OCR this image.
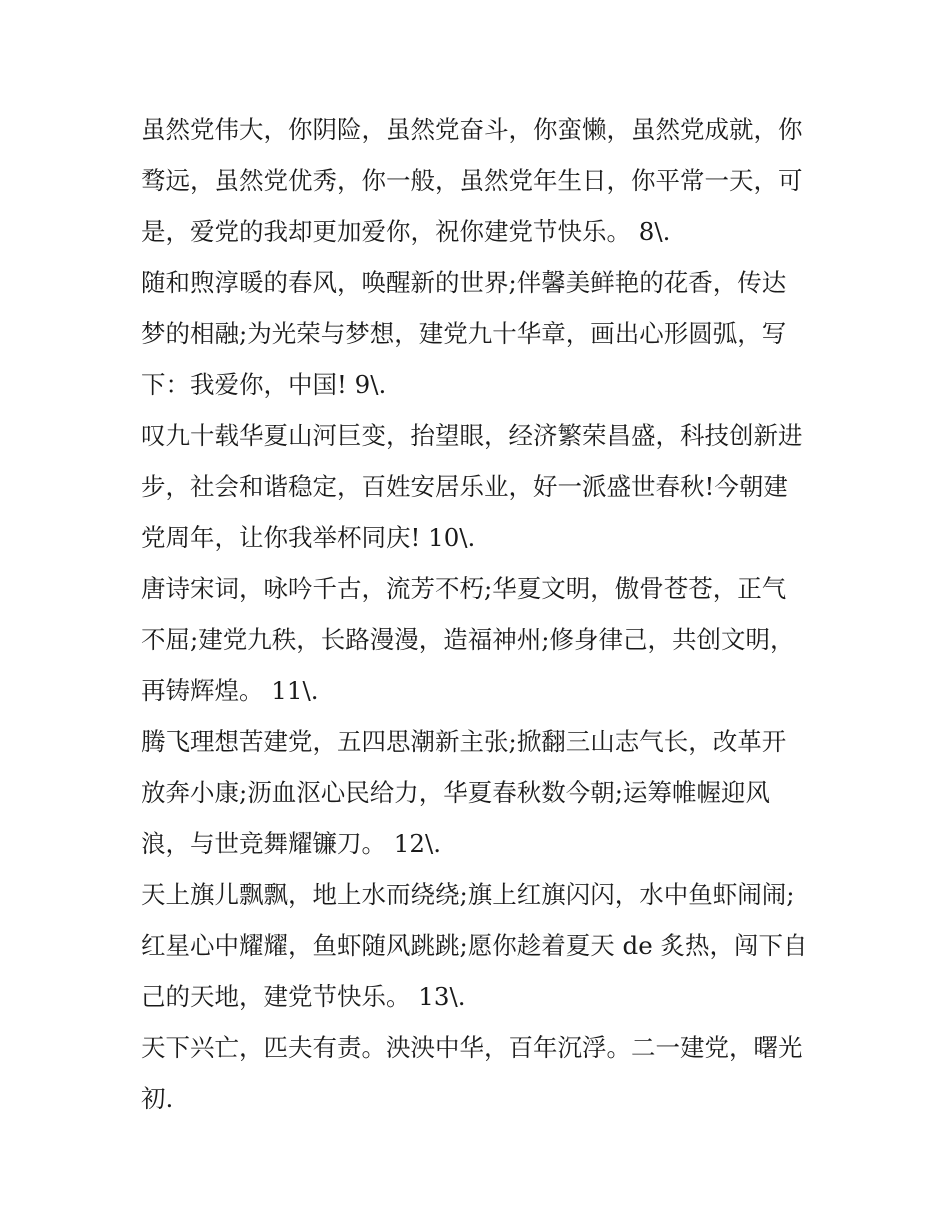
虽然党伟大，你阴险，虽然党奋斗，你蛮懒，虽然党成就，你
骛远，虽然党优秀，你一般，虽然党年生日，你平常一天，可
是，爱党的我却更加爱你，祝你建党节快乐。 8\.
随和煦淳暖的春风，唤醒新的世界;伴馨美鲜艳的花香，传达
梦的相融;为光荣与梦想，建党九十华章，画出心形圆弧，写
下：我爱你，中国! 9\.
叹九十载华夏山河巨变，抬望眼，经济繁荣昌盛，科技创新进
步，社会和谐稳定，百姓安居乐业，好一派盛世春秋!今朝建
党周年，让你我举杯同庆! 10\.
唐诗宋词，咏吟千古，流芳不朽;华夏文明，傲骨苍苍，正气
不屈;建党九秩，长路漫漫，造福神州;修身律己，共创文明，
再铸辉煌。 11\.
腾飞理想苦建党，五四思潮新主张;掀翻三山志气长，改革开
放奔小康;沥血沤心民给力，华夏春秋数今朝;运筹帷幄迎风
浪，与世竞舞耀镰刀。 12\.
天上旗儿飘飘，地上水而绕绕;旗上红旗闪闪，水中鱼虾闹闹;
红星心中耀耀，鱼虾随风跳跳;愿你趁着夏天 de 炙热，闯下自
己的天地，建党节快乐。 13\.
天下兴亡，匹夫有责。泱泱中华，百年沉浮。二一建党，曙光
初.
